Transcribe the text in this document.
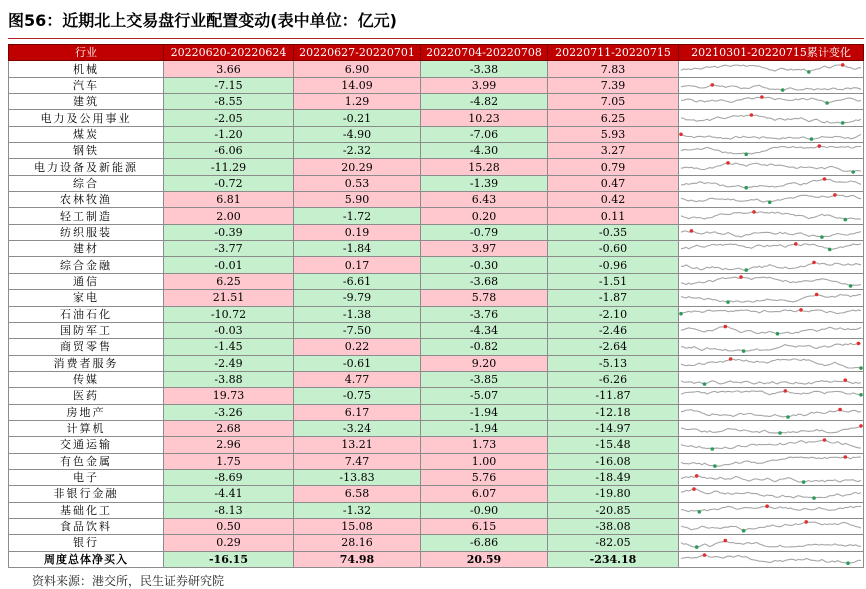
图56：近期北上交易盘行业配置变动(表中单位：亿元)
行业	20220620-20220624	20220627-20220701	20220704-20220708	20220711-20220715	20210301-20220715累计变化
机械	3.66	6.90	-3.38	7.83	

汽车	-7.15	14.09	3.99	7.39	

建筑	-8.55	1.29	-4.82	7.05	

电力及公用事业	-2.05	-0.21	10.23	6.25	

煤炭	-1.20	-4.90	-7.06	5.93	

钢铁	-6.06	-2.32	-4.30	3.27	

电力设备及新能源	-11.29	20.29	15.28	0.79	

综合	-0.72	0.53	-1.39	0.47	

农林牧渔	6.81	5.90	6.43	0.42	

轻工制造	2.00	-1.72	0.20	0.11	

纺织服装	-0.39	0.19	-0.79	-0.35	

建材	-3.77	-1.84	3.97	-0.60	

综合金融	-0.01	0.17	-0.30	-0.96	

通信	6.25	-6.61	-3.68	-1.51	

家电	21.51	-9.79	5.78	-1.87	

石油石化	-10.72	-1.38	-3.76	-2.10	

国防军工	-0.03	-7.50	-4.34	-2.46	

商贸零售	-1.45	0.22	-0.82	-2.64	

消费者服务	-2.49	-0.61	9.20	-5.13	

传媒	-3.88	4.77	-3.85	-6.26	

医药	19.73	-0.75	-5.07	-11.87	

房地产	-3.26	6.17	-1.94	-12.18	

计算机	2.68	-3.24	-1.94	-14.97	

交通运输	2.96	13.21	1.73	-15.48	

有色金属	1.75	7.47	1.00	-16.08	

电子	-8.69	-13.83	5.76	-18.49	

非银行金融	-4.41	6.58	6.07	-19.80	

基础化工	-8.13	-1.32	-0.90	-20.85	

食品饮料	0.50	15.08	6.15	-38.08	

银行	0.29	28.16	-6.86	-82.05	

周度总体净买入	-16.15	74.98	20.59	-234.18	
资料来源：港交所，民生证券研究院
